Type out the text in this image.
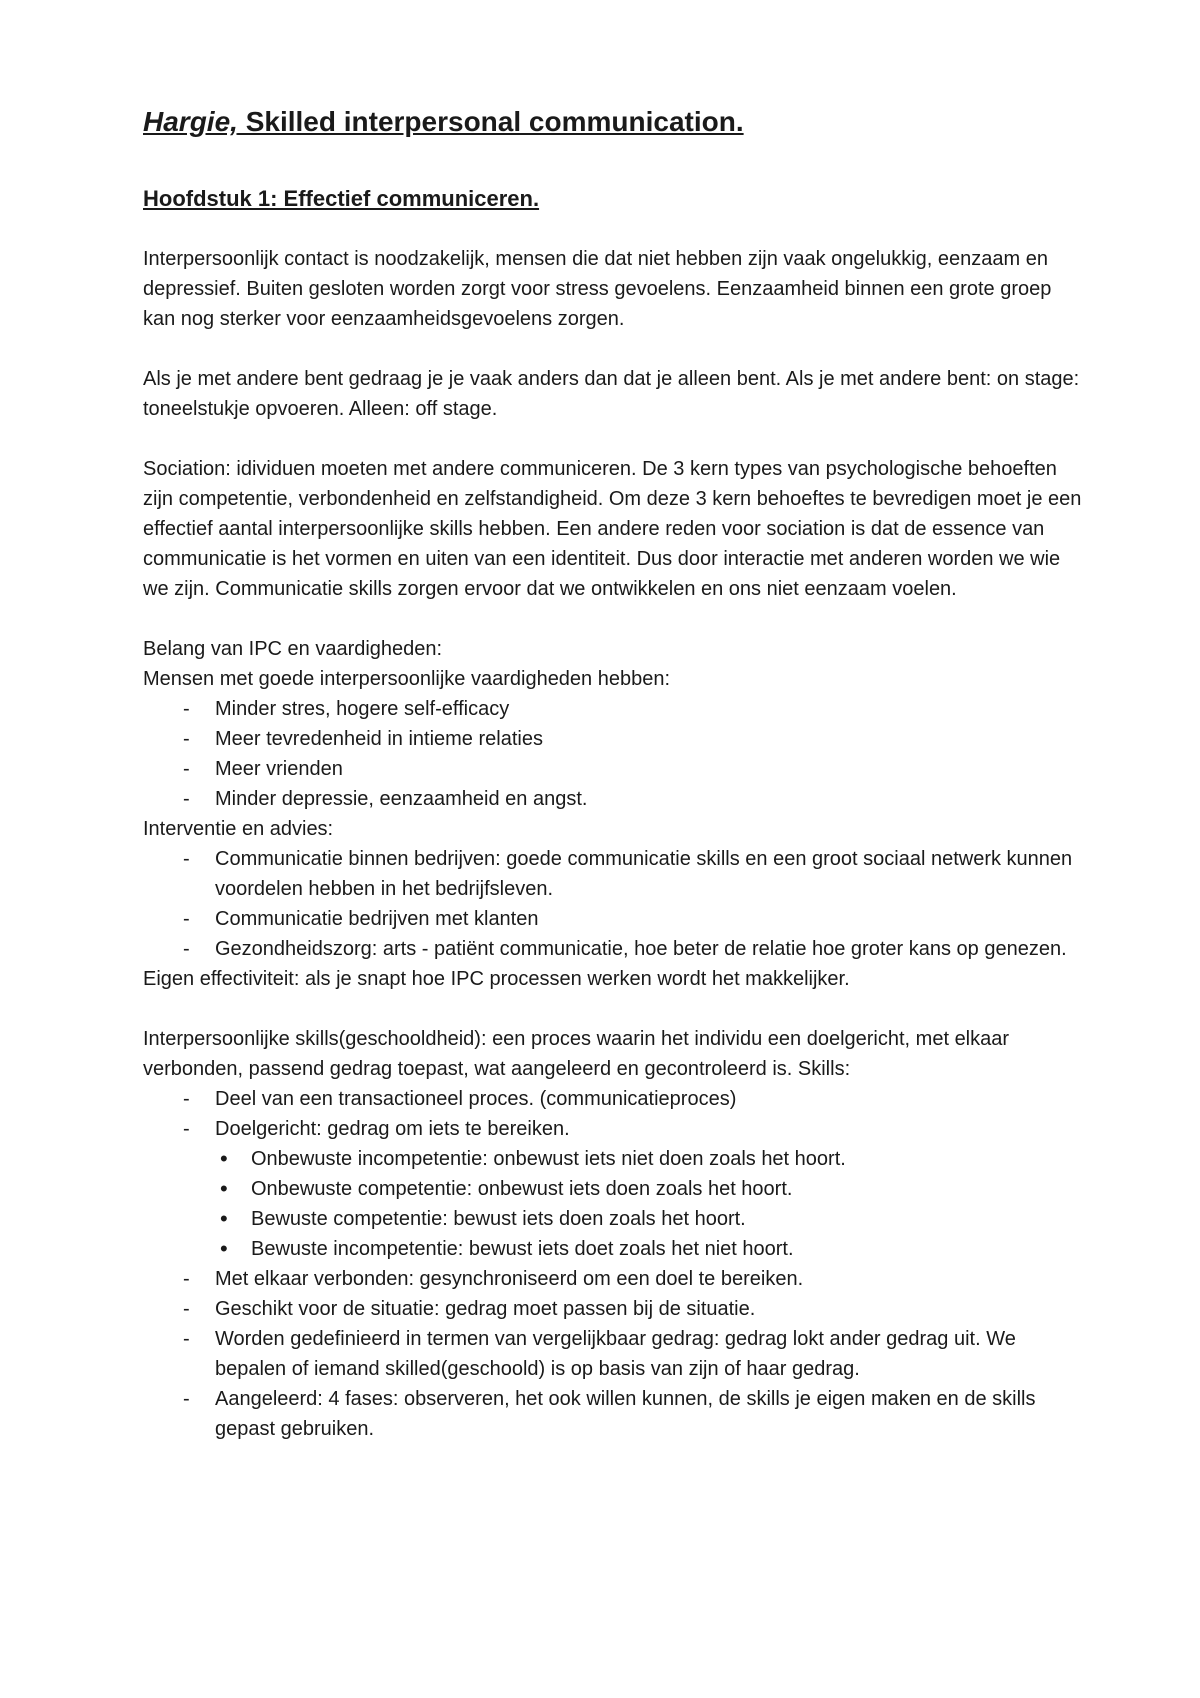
Hargie, Skilled interpersonal communication.
Hoofdstuk 1: Effectief communiceren.

Interpersoonlijk contact is noodzakelijk, mensen die dat niet hebben zijn vaak ongelukkig, eenzaam en depressief. Buiten gesloten worden zorgt voor stress gevoelens. Eenzaamheid binnen een grote groep kan nog sterker voor eenzaamheidsgevoelens zorgen.

Als je met andere bent gedraag je je vaak anders dan dat je alleen bent. Als je met andere bent: on stage: toneelstukje opvoeren. Alleen: off stage.

Sociation: idividuen moeten met andere communiceren. De 3 kern types van psychologische behoeften zijn competentie, verbondenheid en zelfstandigheid. Om deze 3 kern behoeftes te bevredigen moet je een effectief aantal interpersoonlijke skills hebben. Een andere reden voor sociation is dat de essence van communicatie is het vormen en uiten van een identiteit. Dus door interactie met anderen worden we wie we zijn. Communicatie skills zorgen ervoor dat we ontwikkelen en ons niet eenzaam voelen.

Belang van IPC en vaardigheden:
Mensen met goede interpersoonlijke vaardigheden hebben:
- Minder stres, hogere self-efficacy
- Meer tevredenheid in intieme relaties
- Meer vrienden
- Minder depressie, eenzaamheid en angst.
Interventie en advies:
- Communicatie binnen bedrijven: goede communicatie skills en een groot sociaal netwerk kunnen voordelen hebben in het bedrijfsleven.
- Communicatie bedrijven met klanten
- Gezondheidszorg: arts - patiënt communicatie, hoe beter de relatie hoe groter kans op genezen.
Eigen effectiviteit: als je snapt hoe IPC processen werken wordt het makkelijker.
Interpersoonlijke skills(geschooldheid): een proces waarin het individu een doelgericht, met elkaar verbonden, passend gedrag toepast, wat aangeleerd en gecontroleerd is. Skills:
- Deel van een transactioneel proces. (communicatieproces)
- Doelgericht: gedrag om iets te bereiken.
• Onbewuste incompetentie: onbewust iets niet doen zoals het hoort.
• Onbewuste competentie: onbewust iets doen zoals het hoort.
• Bewuste competentie: bewust iets doen zoals het hoort.
• Bewuste incompetentie: bewust iets doet zoals het niet hoort.
- Met elkaar verbonden: gesynchroniseerd om een doel te bereiken.
- Geschikt voor de situatie: gedrag moet passen bij de situatie.
- Worden gedefinieerd in termen van vergelijkbaar gedrag: gedrag lokt ander gedrag uit. We bepalen of iemand skilled(geschoold) is op basis van zijn of haar gedrag.
- Aangeleerd: 4 fases: observeren, het ook willen kunnen, de skills je eigen maken en de skills gepast gebruiken.
